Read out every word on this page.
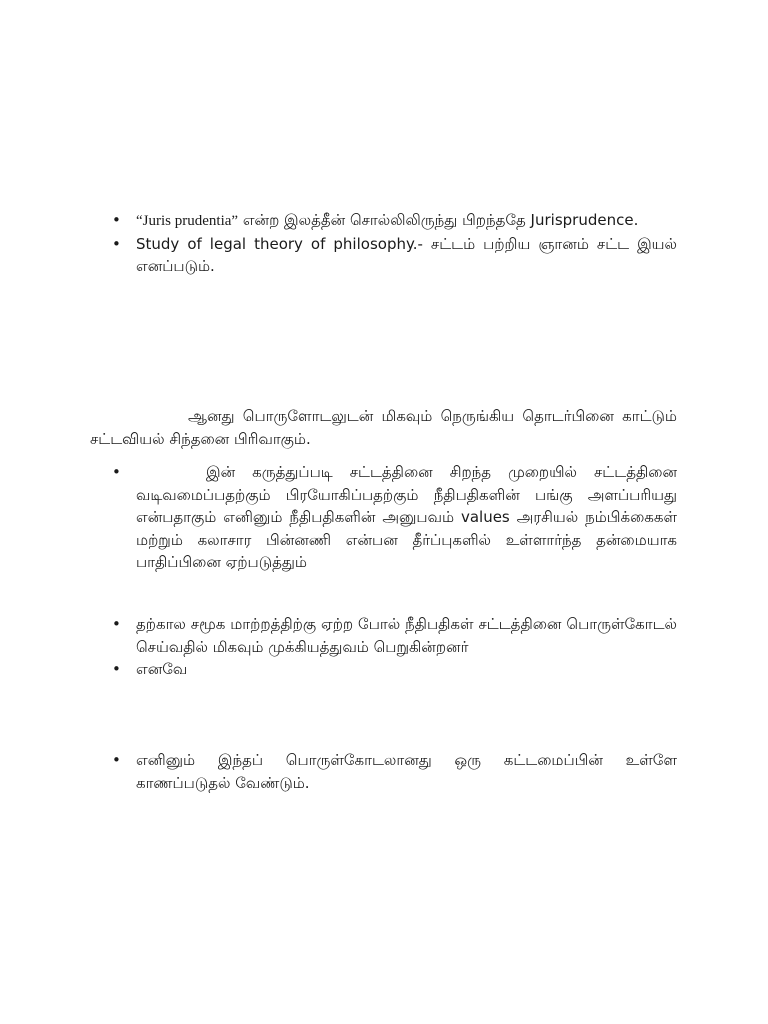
• “Juris prudentia” என்ற இலத்தீன் சொல்லிலிருந்து பிறந்ததே Jurisprudence.
• Study of legal theory of philosophy.- சட்டம் பற்றிய ஞானம் சட்ட இயல் எனப்படும்.

ஆனது பொருளோடலுடன் மிகவும் நெருங்கிய தொடர்பினை காட்டும் சட்டவியல் சிந்தனை பிரிவாகும்.

• இன் கருத்துப்படி சட்டத்தினை சிறந்த முறையில் சட்டத்தினை வடிவமைப்பதற்கும் பிரயோகிப்பதற்கும் நீதிபதிகளின் பங்கு அளப்பரியது என்பதாகும் எனினும் நீதிபதிகளின் அனுபவம் values அரசியல் நம்பிக்கைகள் மற்றும் கலாசார பின்னணி என்பன தீர்ப்புகளில் உள்ளார்ந்த தன்மையாக பாதிப்பினை ஏற்படுத்தும்
• தற்கால சமூக மாற்றத்திற்கு ஏற்ற போல் நீதிபதிகள் சட்டத்தினை பொருள்கோடல் செய்வதில் மிகவும் முக்கியத்துவம் பெறுகின்றனர்
• எனவே
• எனினும் இந்தப் பொருள்கோடலானது ஒரு கட்டமைப்பின் உள்ளே காணப்படுதல் வேண்டும்.
